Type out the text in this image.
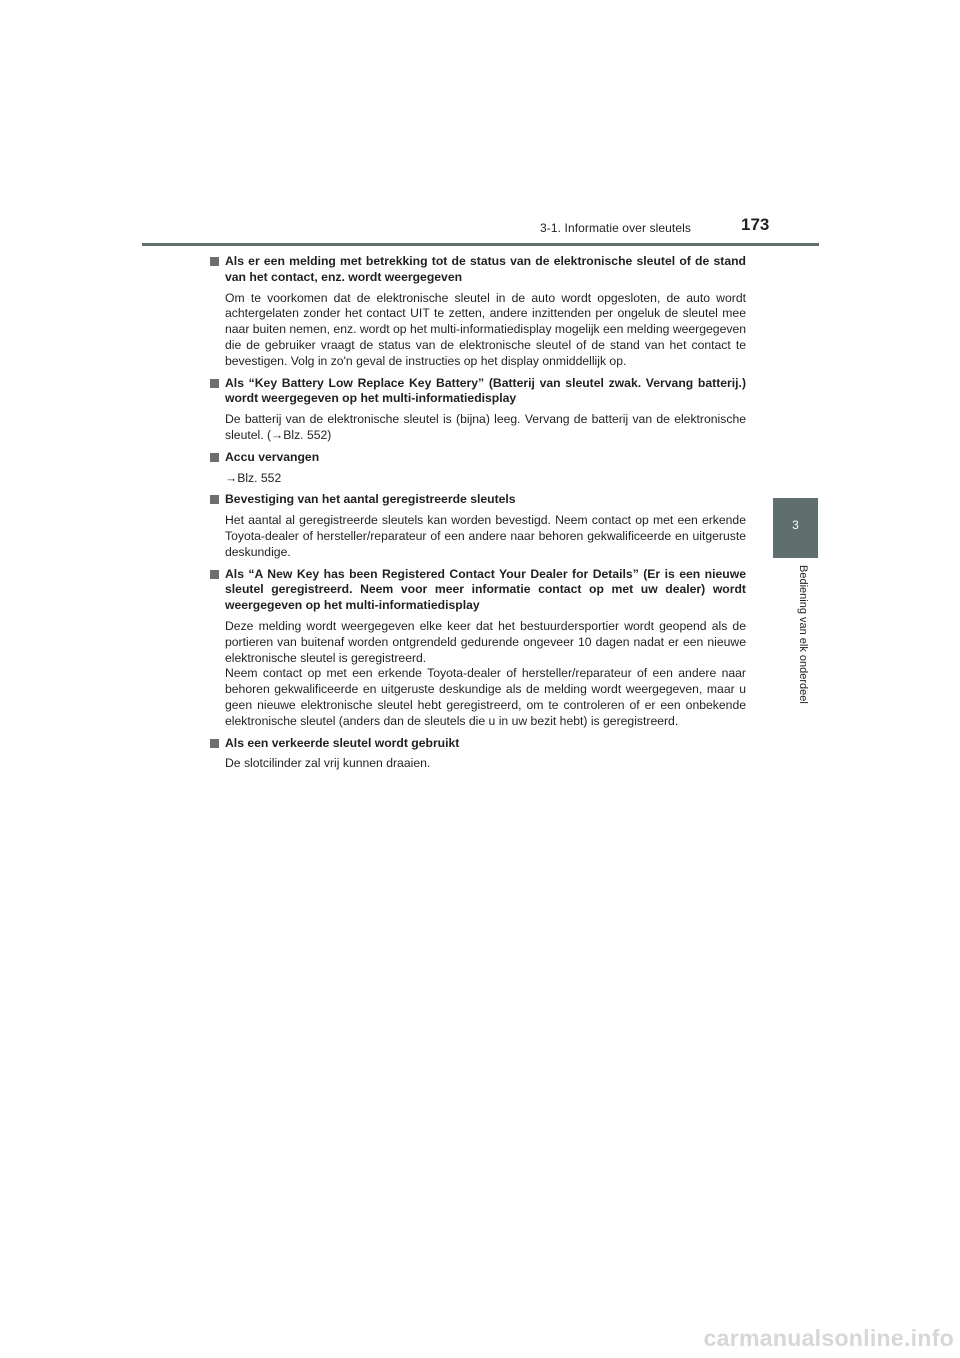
3-1. Informatie over sleutels	173
3
Bediening van elk onderdeel
Als er een melding met betrekking tot de status van de elektronische sleutel of de stand van het contact, enz. wordt weergegeven
Om te voorkomen dat de elektronische sleutel in de auto wordt opgesloten, de auto wordt achtergelaten zonder het contact UIT te zetten, andere inzittenden per ongeluk de sleutel mee naar buiten nemen, enz. wordt op het multi-informatiedisplay mogelijk een melding weergegeven die de gebruiker vraagt de status van de elektronische sleutel of de stand van het contact te bevestigen. Volg in zo'n geval de instructies op het display onmiddellijk op.
Als “Key Battery Low Replace Key Battery” (Batterij van sleutel zwak. Vervang batterij.) wordt weergegeven op het multi-informatiedisplay
De batterij van de elektronische sleutel is (bijna) leeg. Vervang de batterij van de elektronische sleutel. (→Blz. 552)
Accu vervangen
→Blz. 552
Bevestiging van het aantal geregistreerde sleutels
Het aantal al geregistreerde sleutels kan worden bevestigd. Neem contact op met een erkende Toyota-dealer of hersteller/reparateur of een andere naar behoren gekwalificeerde en uitgeruste deskundige.
Als “A New Key has been Registered Contact Your Dealer for Details” (Er is een nieuwe sleutel geregistreerd. Neem voor meer informatie contact op met uw dealer) wordt weergegeven op het multi-informatiedisplay
Deze melding wordt weergegeven elke keer dat het bestuurdersportier wordt geopend als de portieren van buitenaf worden ontgrendeld gedurende ongeveer 10 dagen nadat er een nieuwe elektronische sleutel is geregistreerd.
Neem contact op met een erkende Toyota-dealer of hersteller/reparateur of een andere naar behoren gekwalificeerde en uitgeruste deskundige als de melding wordt weergegeven, maar u geen nieuwe elektronische sleutel hebt geregistreerd, om te controleren of er een onbekende elektronische sleutel (anders dan de sleutels die u in uw bezit hebt) is geregistreerd.
Als een verkeerde sleutel wordt gebruikt
De slotcilinder zal vrij kunnen draaien.
carmanualsonline.info
